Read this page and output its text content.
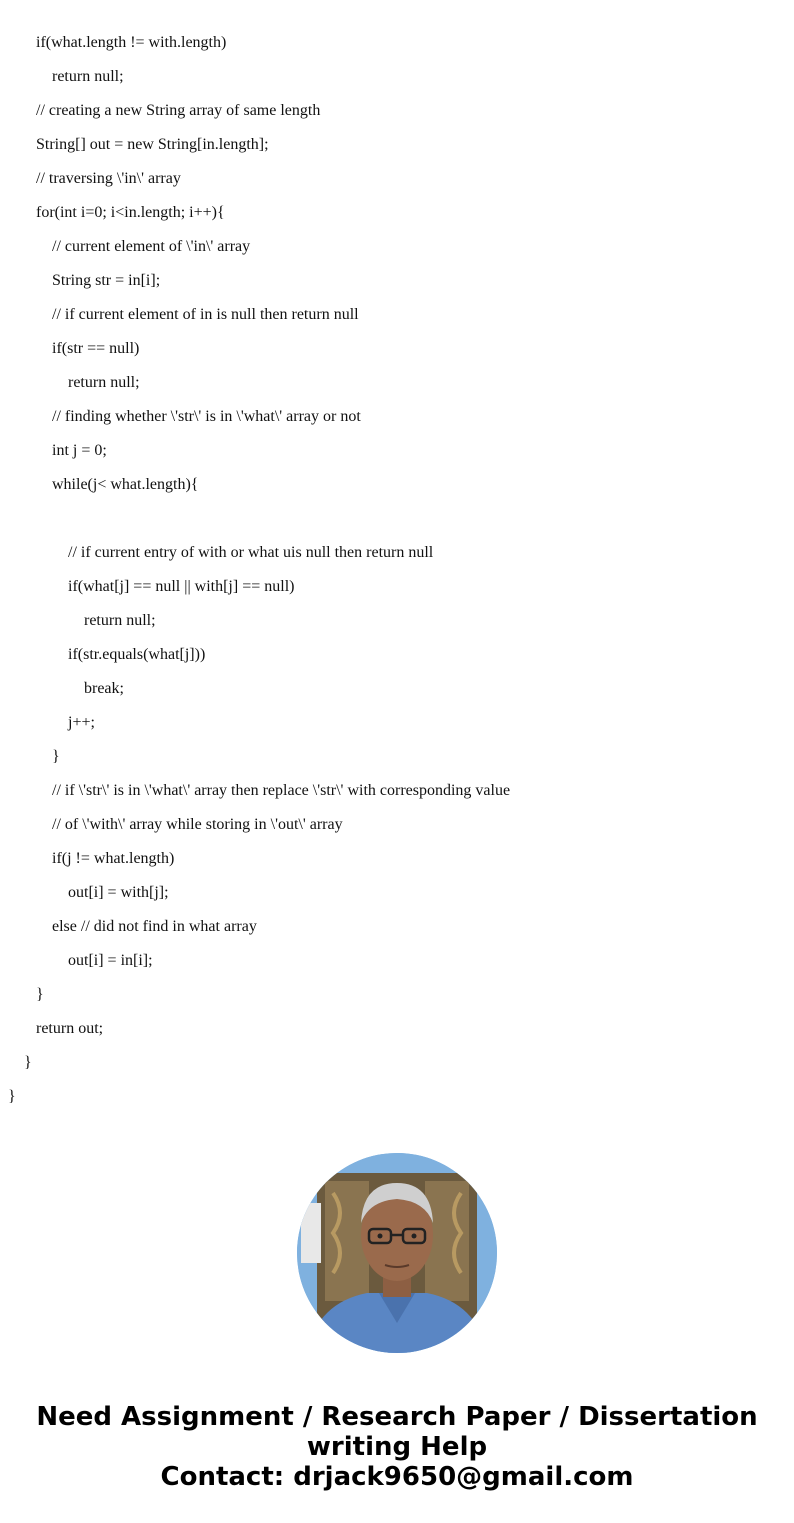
if(what.length != with.length)
return null;
// creating a new String array of same length
String[] out = new String[in.length];
// traversing \'in\' array
for(int i=0; i<in.length; i++){
// current element of \'in\' array
String str = in[i];
// if current element of in is null then return null
if(str == null)
return null;
// finding whether \'str\' is in \'what\' array or not
int j = 0;
while(j< what.length){
// if current entry of with or what uis null then return null
if(what[j] == null || with[j] == null)
return null;
if(str.equals(what[j]))
break;
j++;
}
// if \'str\' is in \'what\' array then replace \'str\' with corresponding value
// of \'with\' array while storing in \'out\' array
if(j != what.length)
out[i] = with[j];
else // did not find in what array
out[i] = in[i];
}
return out;
}
}
Need Assignment / Research Paper / Dissertation
writing Help
Contact: drjack9650@gmail.com
